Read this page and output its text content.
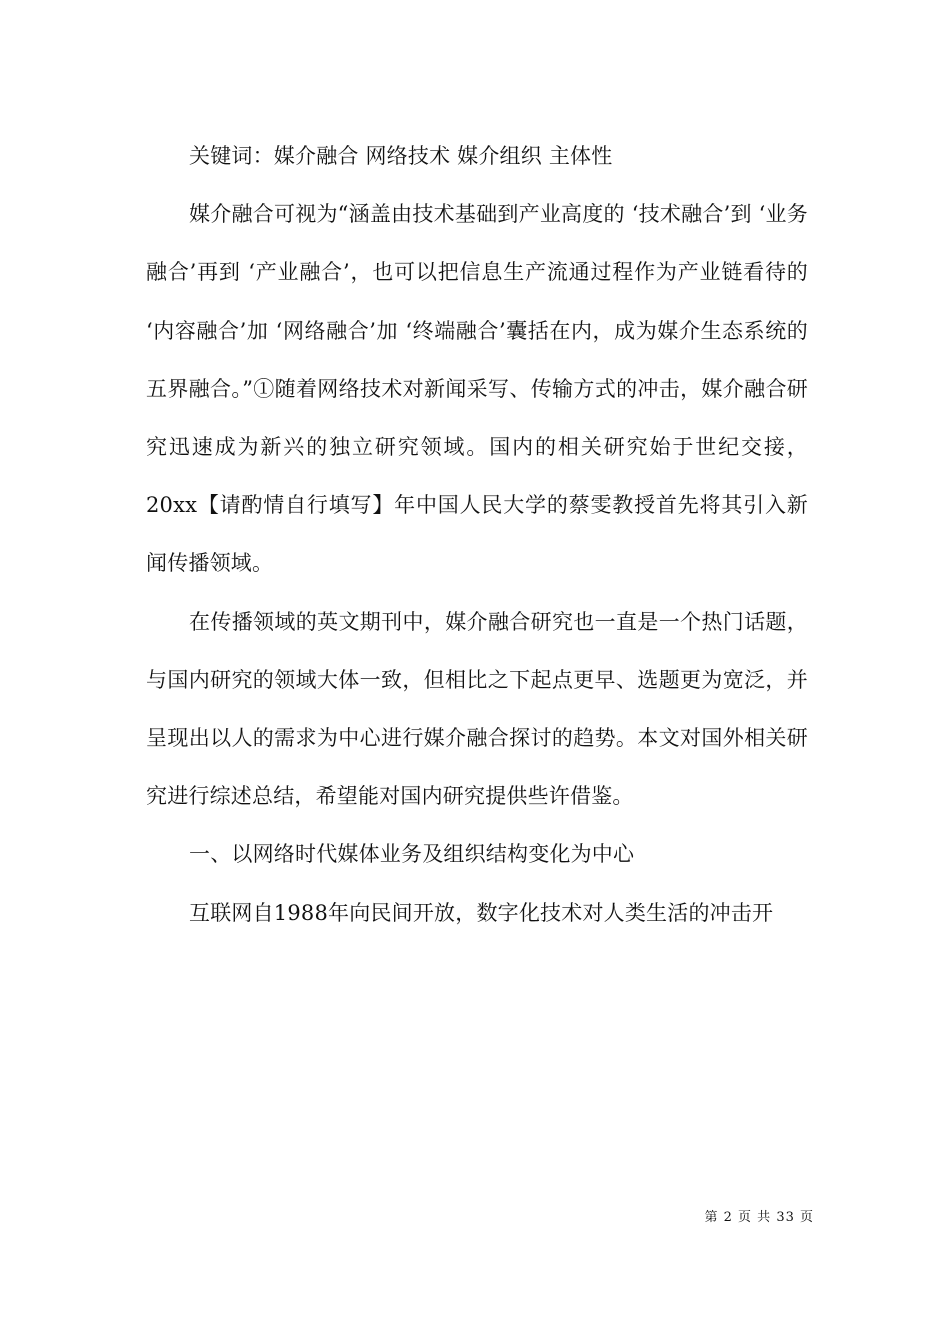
关键词：媒介融合 网络技术 媒介组织 主体性

媒介融合可视为“涵盖由技术基础到产业高度的 ‘技术融合’到 ‘业务融合’再到 ‘产业融合’，也可以把信息生产流通过程作为产业链看待的 ‘内容融合’加 ‘网络融合’加 ‘终端融合’囊括在内，成为媒介生态系统的五界融合。”①随着网络技术对新闻采写、传输方式的冲击，媒介融合研究迅速成为新兴的独立研究领域。国内的相关研究始于世纪交接，20xx【请酌情自行填写】年中国人民大学的蔡雯教授首先将其引入新闻传播领域。

在传播领域的英文期刊中，媒介融合研究也一直是一个热门话题，与国内研究的领域大体一致，但相比之下起点更早、选题更为宽泛，并呈现出以人的需求为中心进行媒介融合探讨的趋势。本文对国外相关研究进行综述总结，希望能对国内研究提供些许借鉴。

一、以网络时代媒体业务及组织结构变化为中心

互联网自1988年向民间开放，数字化技术对人类生活的冲击开

第 2 页 共 33 页
